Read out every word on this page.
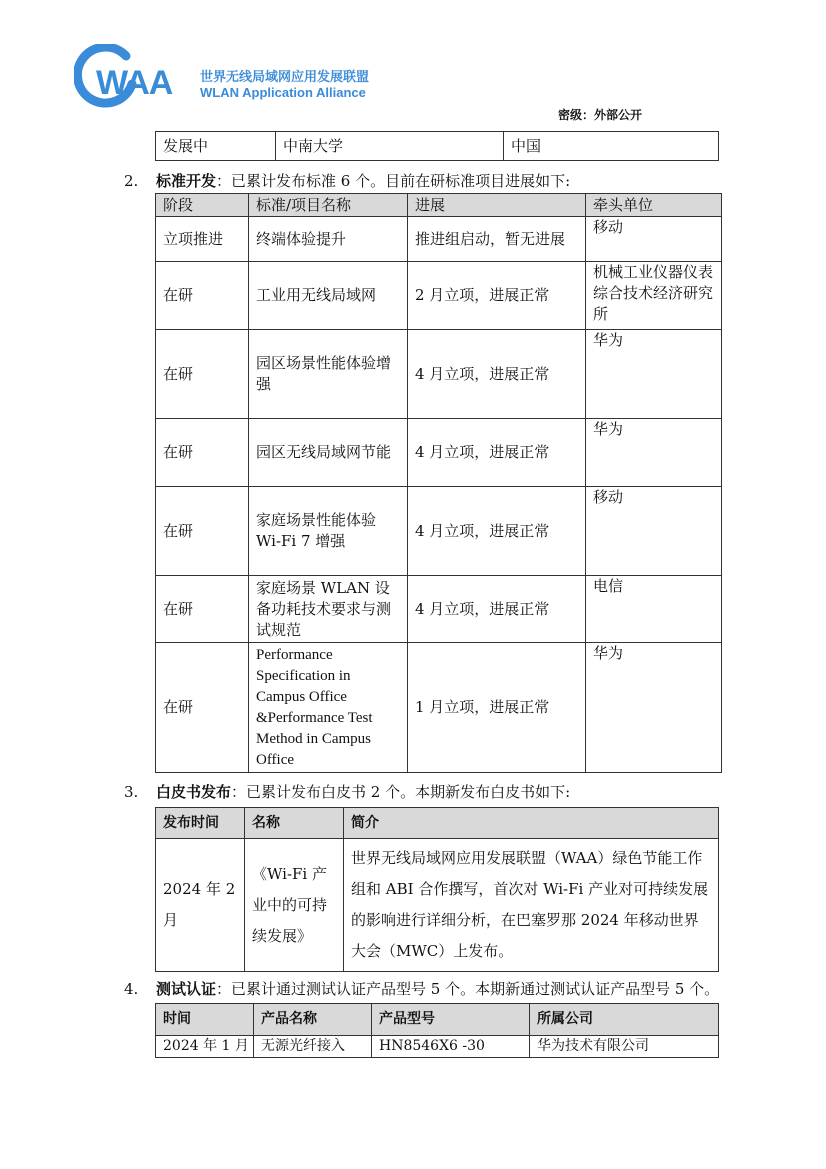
WAA 世界无线局域网应用发展联盟
WLAN Application Alliance
密级：外部公开
发展中	中南大学	中国
2. 标准开发：已累计发布标准 6 个。目前在研标准项目进展如下:
阶段	标准/项目名称	进展	牵头单位
立项推进	终端体验提升	推进组启动，暂无进展	移动
在研	工业用无线局域网	2 月立项，进展正常	机械工业仪器仪表综合技术经济研究所
在研	园区场景性能体验增强	4 月立项，进展正常	华为
在研	园区无线局域网节能	4 月立项，进展正常	华为
在研	家庭场景性能体验 Wi-Fi 7 增强	4 月立项，进展正常	移动
在研	家庭场景 WLAN 设备功耗技术要求与测试规范	4 月立项，进展正常	电信
在研	Performance Specification in Campus Office &Performance Test Method in Campus Office	1 月立项，进展正常	华为
3. 白皮书发布：已累计发布白皮书 2 个。本期新发布白皮书如下:
发布时间	名称	简介
2024 年 2 月	《Wi-Fi 产业中的可持续发展》	世界无线局域网应用发展联盟（WAA）绿色节能工作组和 ABI 合作撰写，首次对 Wi-Fi 产业对可持续发展的影响进行详细分析，在巴塞罗那 2024 年移动世界大会（MWC）上发布。
4. 测试认证：已累计通过测试认证产品型号 5 个。本期新通过测试认证产品型号 5 个。
时间	产品名称	产品型号	所属公司
2024 年 1 月	无源光纤接入	HN8546X6 -30	华为技术有限公司
